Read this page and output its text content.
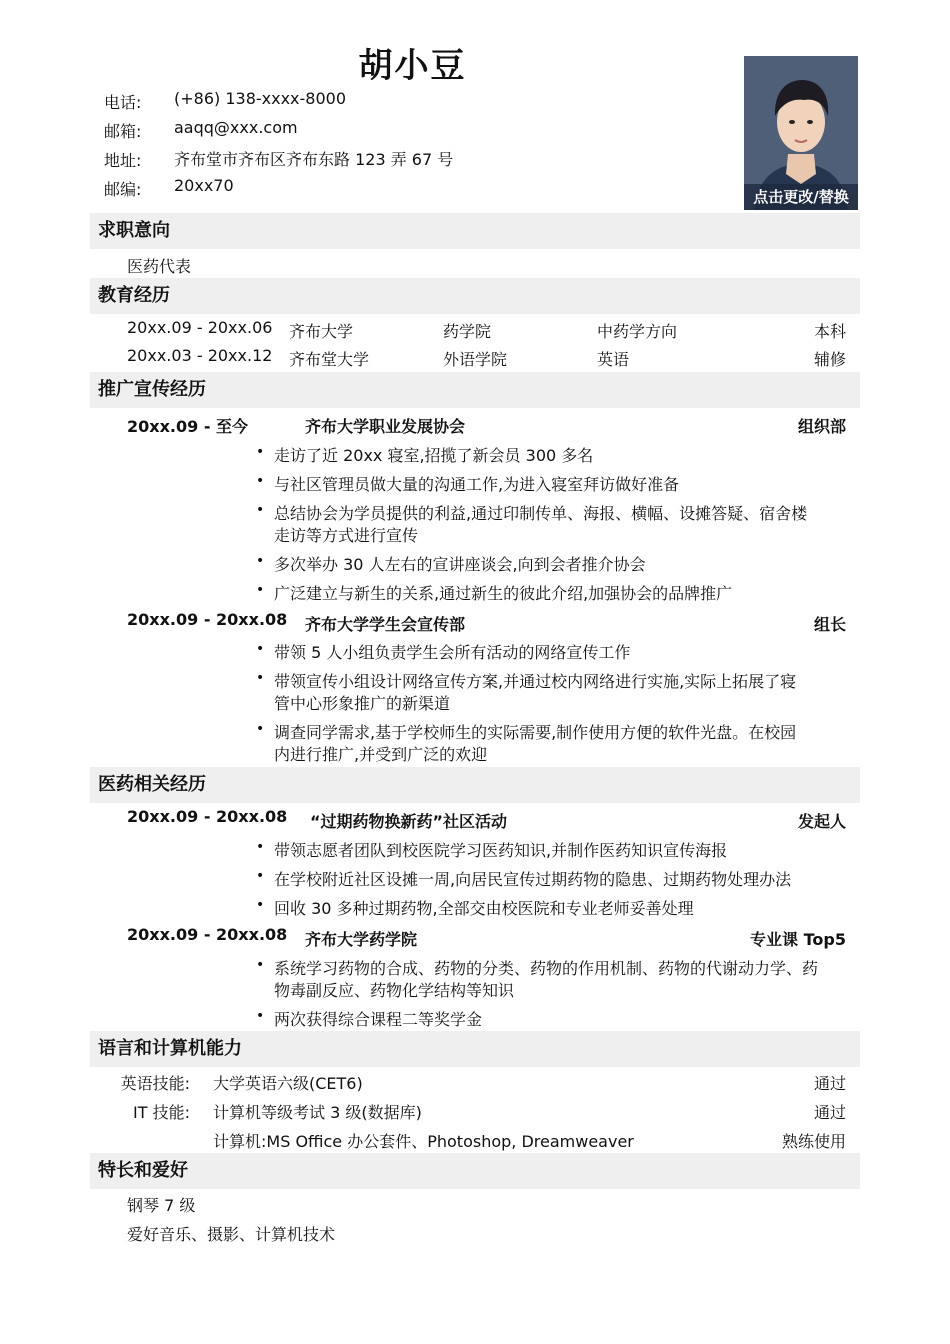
胡小豆
电话: (+86) 138-xxxx-8000
邮箱: aaqq@xxx.com
地址: 齐布堂市齐布区齐布东路 123 弄 67 号
邮编: 20xx70
点击更改/替换
求职意向
医药代表
教育经历
20xx.09 - 20xx.06 齐布大学	药学院	中药学方向	本科
20xx.03 - 20xx.12 齐布堂大学	外语学院	英语	辅修
推广宣传经历
20xx.09 - 至今	齐布大学职业发展协会	组织部
• 走访了近 20xx 寝室,招揽了新会员 300 多名
• 与社区管理员做大量的沟通工作,为进入寝室拜访做好准备
• 总结协会为学员提供的利益,通过印制传单、海报、横幅、设摊答疑、宿舍楼
走访等方式进行宣传
• 多次举办 30 人左右的宣讲座谈会,向到会者推介协会
• 广泛建立与新生的关系,通过新生的彼此介绍,加强协会的品牌推广
20xx.09 - 20xx.08 齐布大学学生会宣传部	组长
• 带领 5 人小组负责学生会所有活动的网络宣传工作
• 带领宣传小组设计网络宣传方案,并通过校内网络进行实施,实际上拓展了寝
管中心形象推广的新渠道
• 调查同学需求,基于学校师生的实际需要,制作使用方便的软件光盘。在校园
内进行推广,并受到广泛的欢迎
医药相关经历
20xx.09 - 20xx.08 “过期药物换新药”社区活动	发起人
• 带领志愿者团队到校医院学习医药知识,并制作医药知识宣传海报
• 在学校附近社区设摊一周,向居民宣传过期药物的隐患、过期药物处理办法
• 回收 30 多种过期药物,全部交由校医院和专业老师妥善处理
20xx.09 - 20xx.08 齐布大学药学院	专业课 Top5
• 系统学习药物的合成、药物的分类、药物的作用机制、药物的代谢动力学、药
物毒副反应、药物化学结构等知识
• 两次获得综合课程二等奖学金
语言和计算机能力
英语技能: 大学英语六级(CET6)	通过
IT 技能: 计算机等级考试 3 级(数据库)	通过
计算机:MS Office 办公套件、Photoshop, Dreamweaver	熟练使用
特长和爱好
钢琴 7 级
爱好音乐、摄影、计算机技术
